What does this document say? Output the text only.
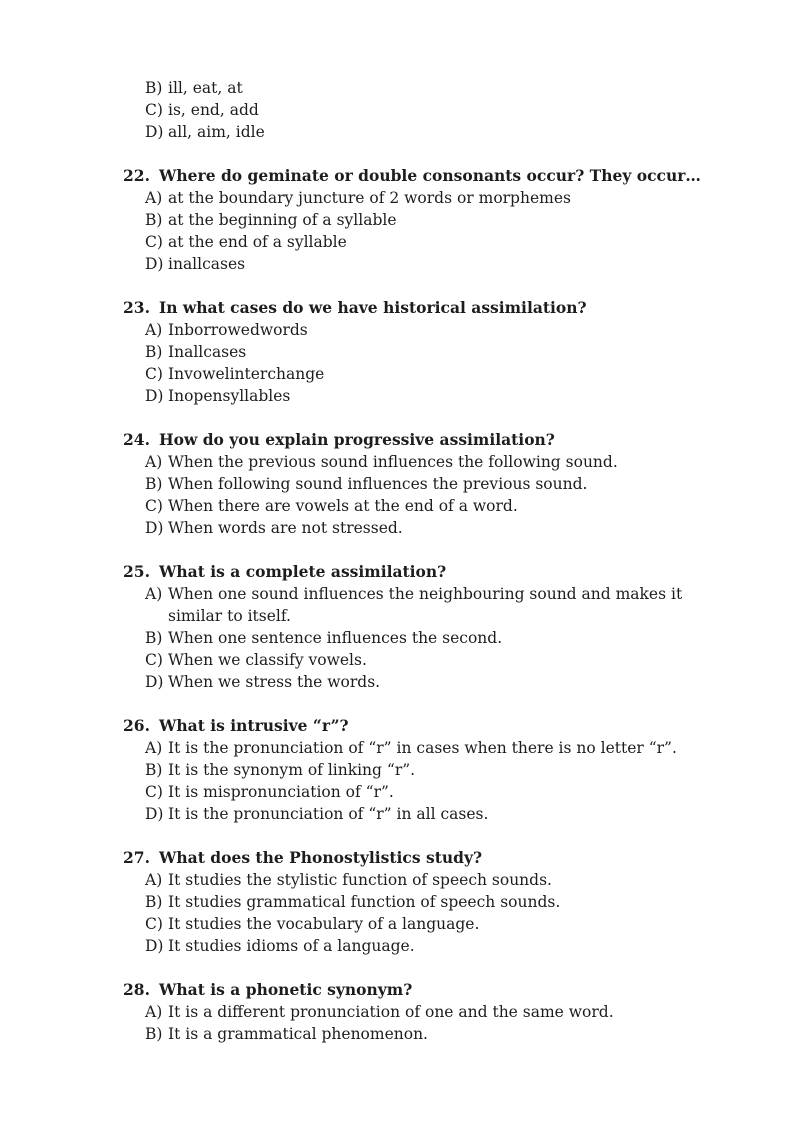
B) ill, eat, at
C) is, end, add
D) all, aim, idle
22. Where do geminate or double consonants occur? They occur…
A) at the boundary juncture of 2 words or morphemes
B) at the beginning of a syllable
C) at the end of a syllable
D) inallcases
23. In what cases do we have historical assimilation?
A) Inborrowedwords
B) Inallcases
C) Invowelinterchange
D) Inopensyllables
24. How do you explain progressive assimilation?
A) When the previous sound influences the following sound.
B) When following sound influences the previous sound.
C) When there are vowels at the end of a word.
D) When words are not stressed.
25. What is a complete assimilation?
A) When one sound influences the neighbouring sound and makes it similar to itself.
B) When one sentence influences the second.
C) When we classify vowels.
D) When we stress the words.
26. What is intrusive “r”?
A) It is the pronunciation of “r” in cases when there is no letter “r”.
B) It is the synonym of linking “r”.
C) It is mispronunciation of “r”.
D) It is the pronunciation of “r” in all cases.
27. What does the Phonostylistics study?
A) It studies the stylistic function of speech sounds.
B) It studies grammatical function of speech sounds.
C) It studies the vocabulary of a language.
D) It studies idioms of a language.
28. What is a phonetic synonym?
A) It is a different pronunciation of one and the same word.
B) It is a grammatical phenomenon.
